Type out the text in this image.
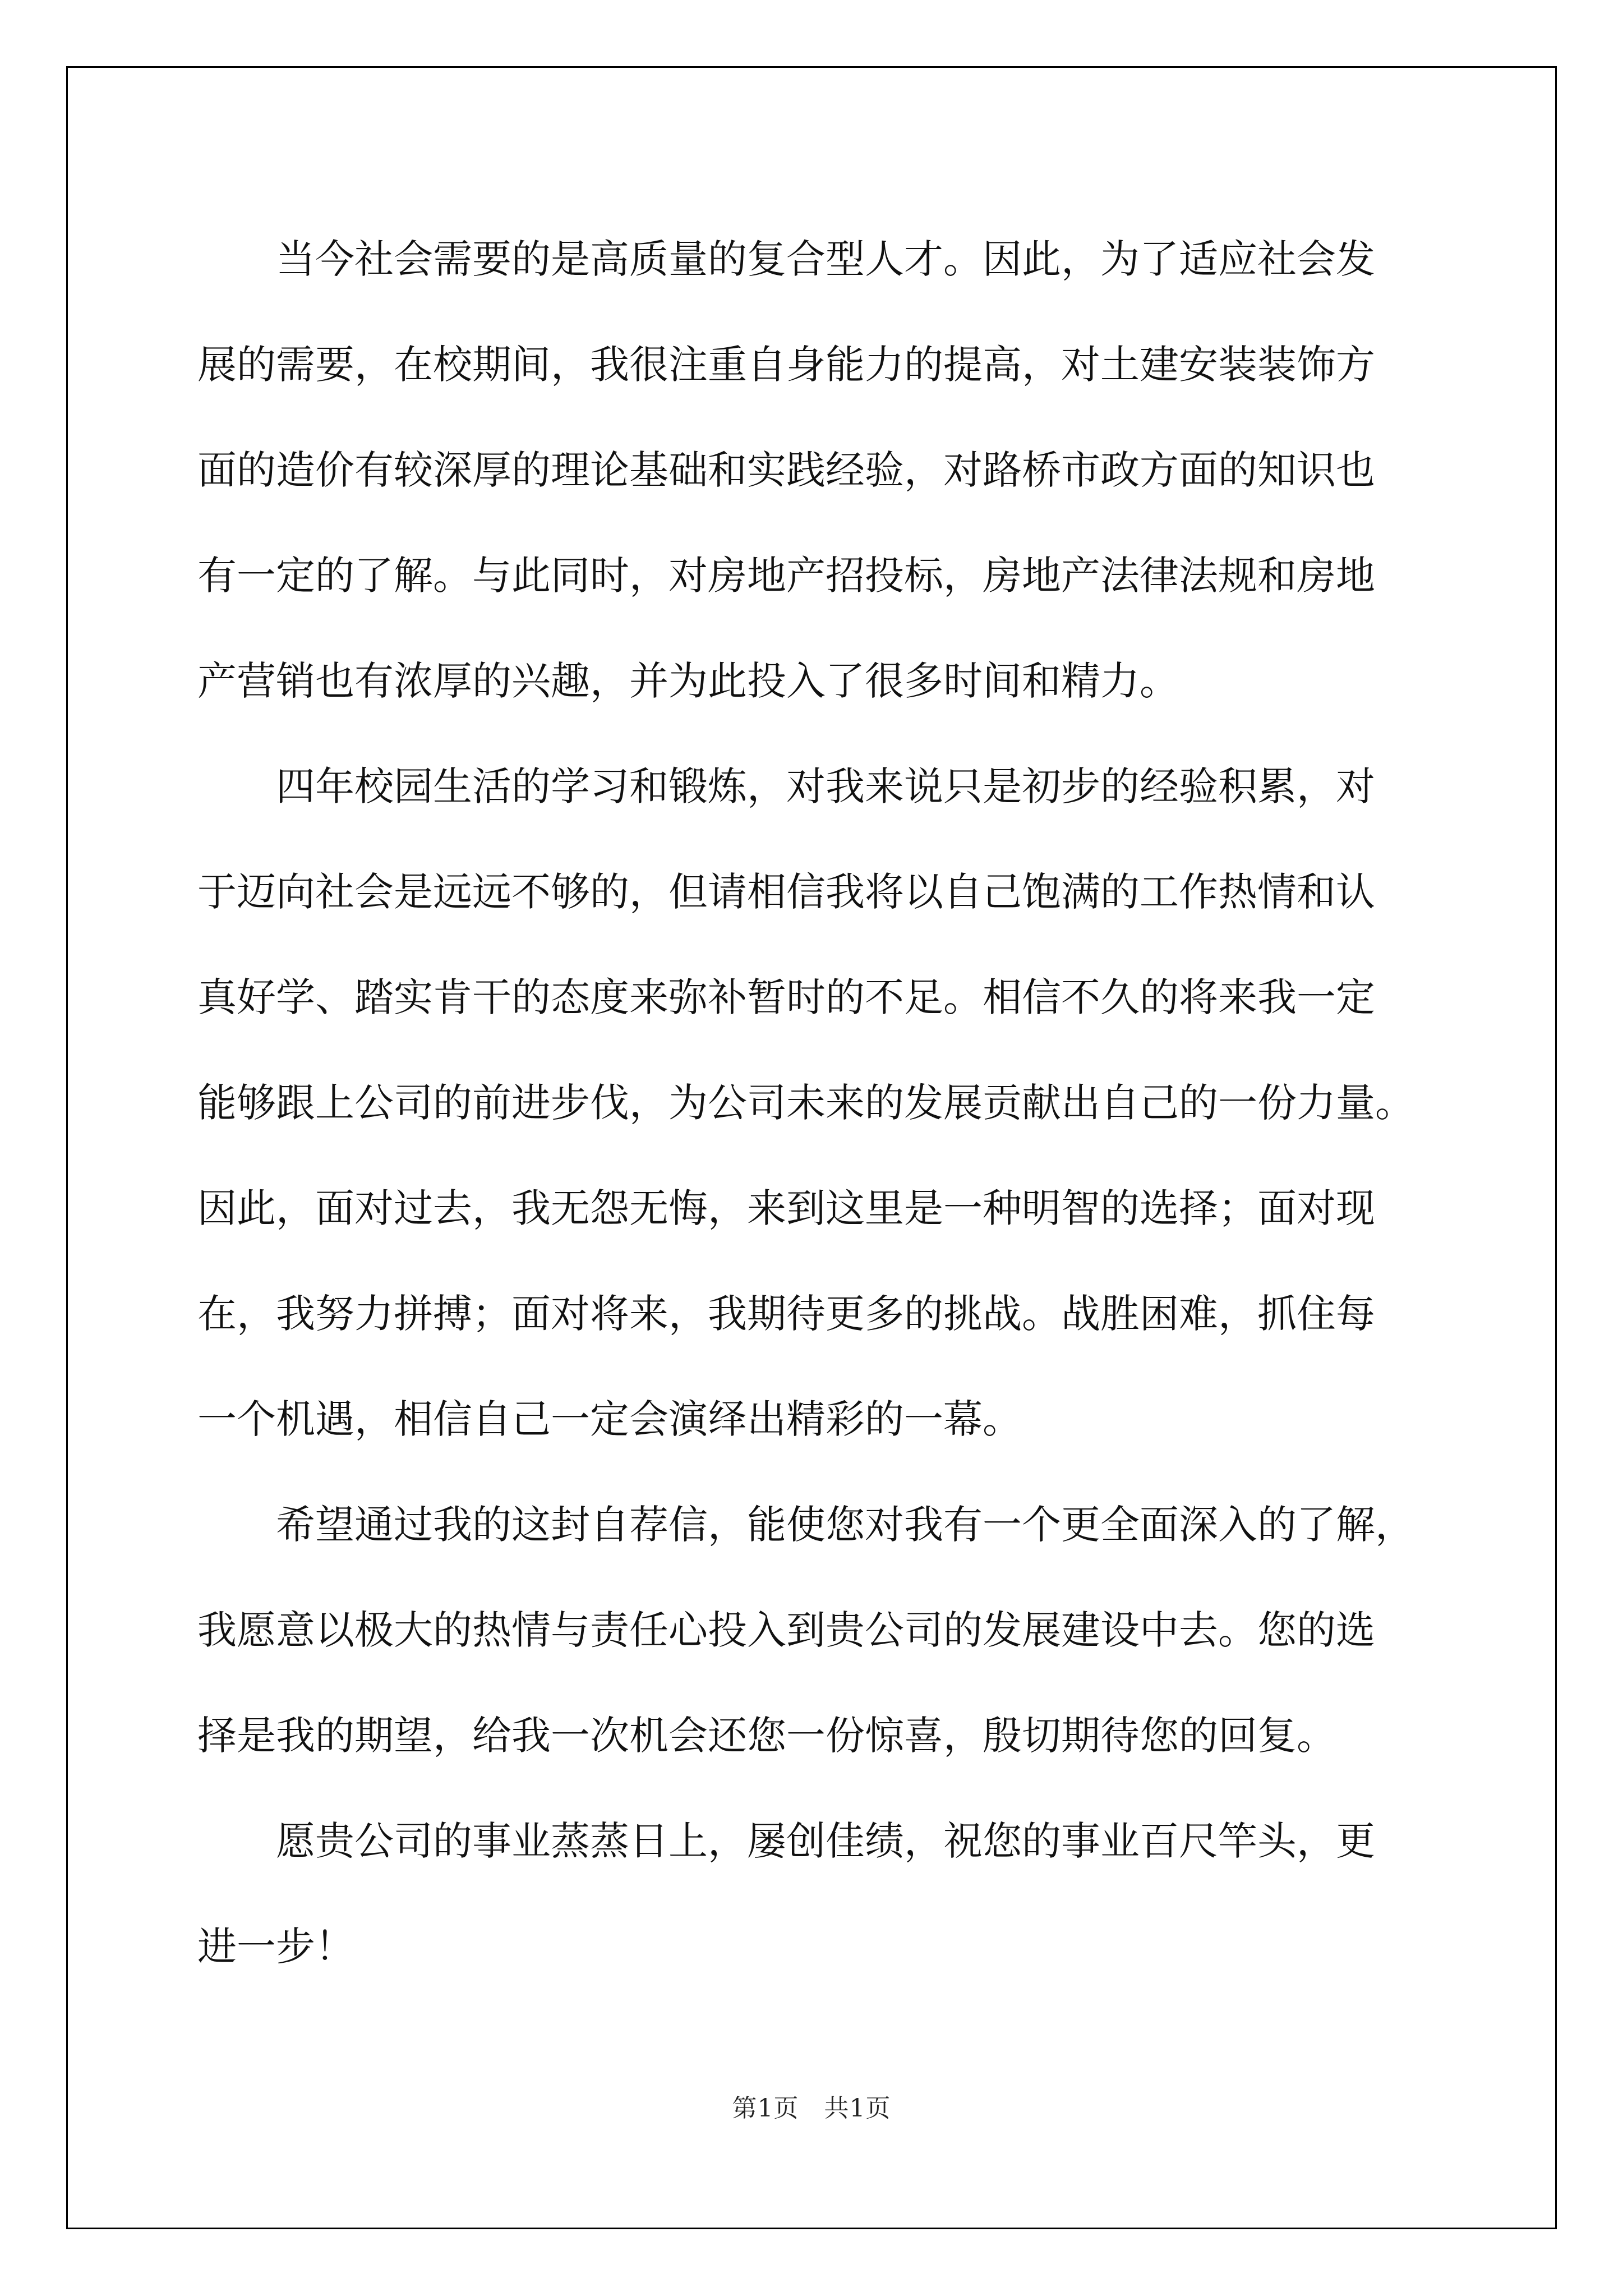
　　当今社会需要的是高质量的复合型人才。因此，为了适应社会发
展的需要，在校期间，我很注重自身能力的提高，对土建安装装饰方
面的造价有较深厚的理论基础和实践经验，对路桥市政方面的知识也
有一定的了解。与此同时，对房地产招投标，房地产法律法规和房地
产营销也有浓厚的兴趣，并为此投入了很多时间和精力。
　　四年校园生活的学习和锻炼，对我来说只是初步的经验积累，对
于迈向社会是远远不够的，但请相信我将以自己饱满的工作热情和认
真好学、踏实肯干的态度来弥补暂时的不足。相信不久的将来我一定
能够跟上公司的前进步伐，为公司未来的发展贡献出自己的一份力量。
因此，面对过去，我无怨无悔，来到这里是一种明智的选择；面对现
在，我努力拼搏；面对将来，我期待更多的挑战。战胜困难，抓住每
一个机遇，相信自己一定会演绎出精彩的一幕。
　　希望通过我的这封自荐信，能使您对我有一个更全面深入的了解，
我愿意以极大的热情与责任心投入到贵公司的发展建设中去。您的选
择是我的期望，给我一次机会还您一份惊喜，殷切期待您的回复。
　　愿贵公司的事业蒸蒸日上，屡创佳绩，祝您的事业百尺竿头，更
进一步！
第1页　共1页
